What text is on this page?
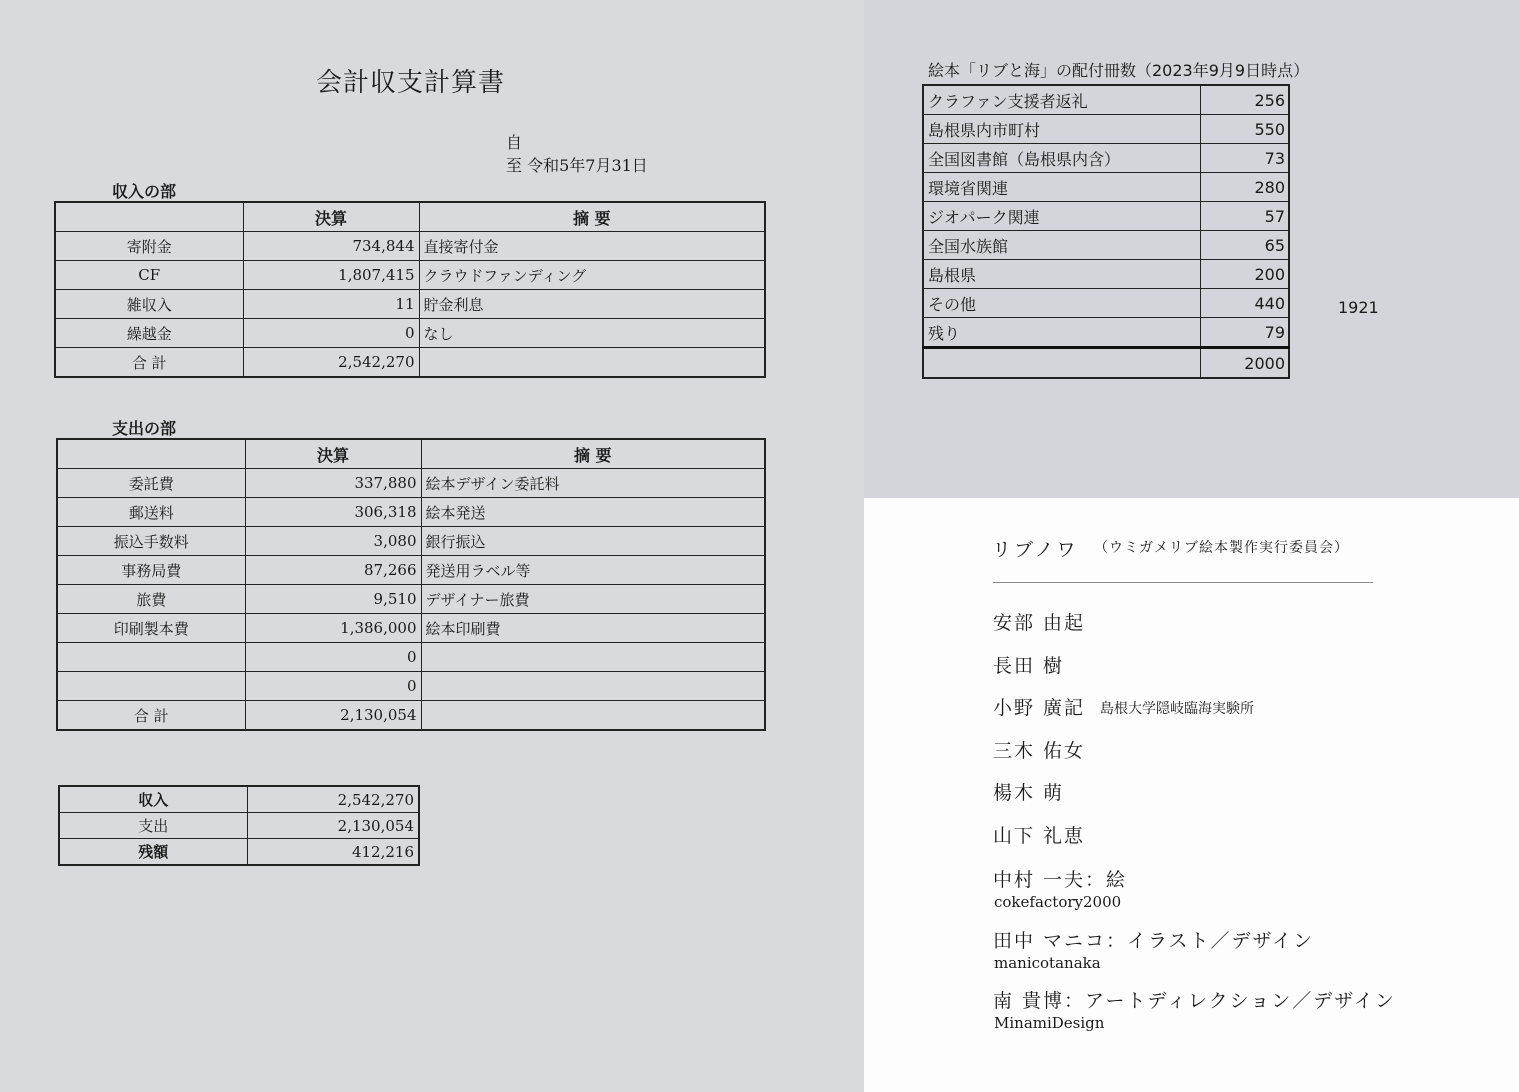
会計収支計算書
自
至 令和5年7月31日
収入の部
	決算	摘 要
寄附金	734,844	直接寄付金
CF	1,807,415	クラウドファンディング
雑収入	11	貯金利息
繰越金	0	なし
合 計	2,542,270	
支出の部
	決算	摘 要
委託費	337,880	絵本デザイン委託料
郵送料	306,318	絵本発送
振込手数料	3,080	銀行振込
事務局費	87,266	発送用ラベル等
旅費	9,510	デザイナー旅費
印刷製本費	1,386,000	絵本印刷費
	0	
	0	
合 計	2,130,054	
収入	2,542,270
支出	2,130,054
残額	412,216
絵本「リブと海」の配付冊数（2023年9月9日時点）
クラファン支援者返礼	256
島根県内市町村	550
全国図書館（島根県内含）	73
環境省関連	280
ジオパーク関連	57
全国水族館	65
島根県	200
その他	440
残り	79
	2000
1921
リブノワ （ウミガメリブ絵本製作実行委員会）
安部 由起
長田 樹
小野 廣記 島根大学隠岐臨海実験所
三木 佑女
楊木 萌
山下 礼恵
中村 一夫：絵
cokefactory2000
田中 マニコ：イラスト／デザイン
manicotanaka
南 貴博：アートディレクション／デザイン
MinamiDesign
